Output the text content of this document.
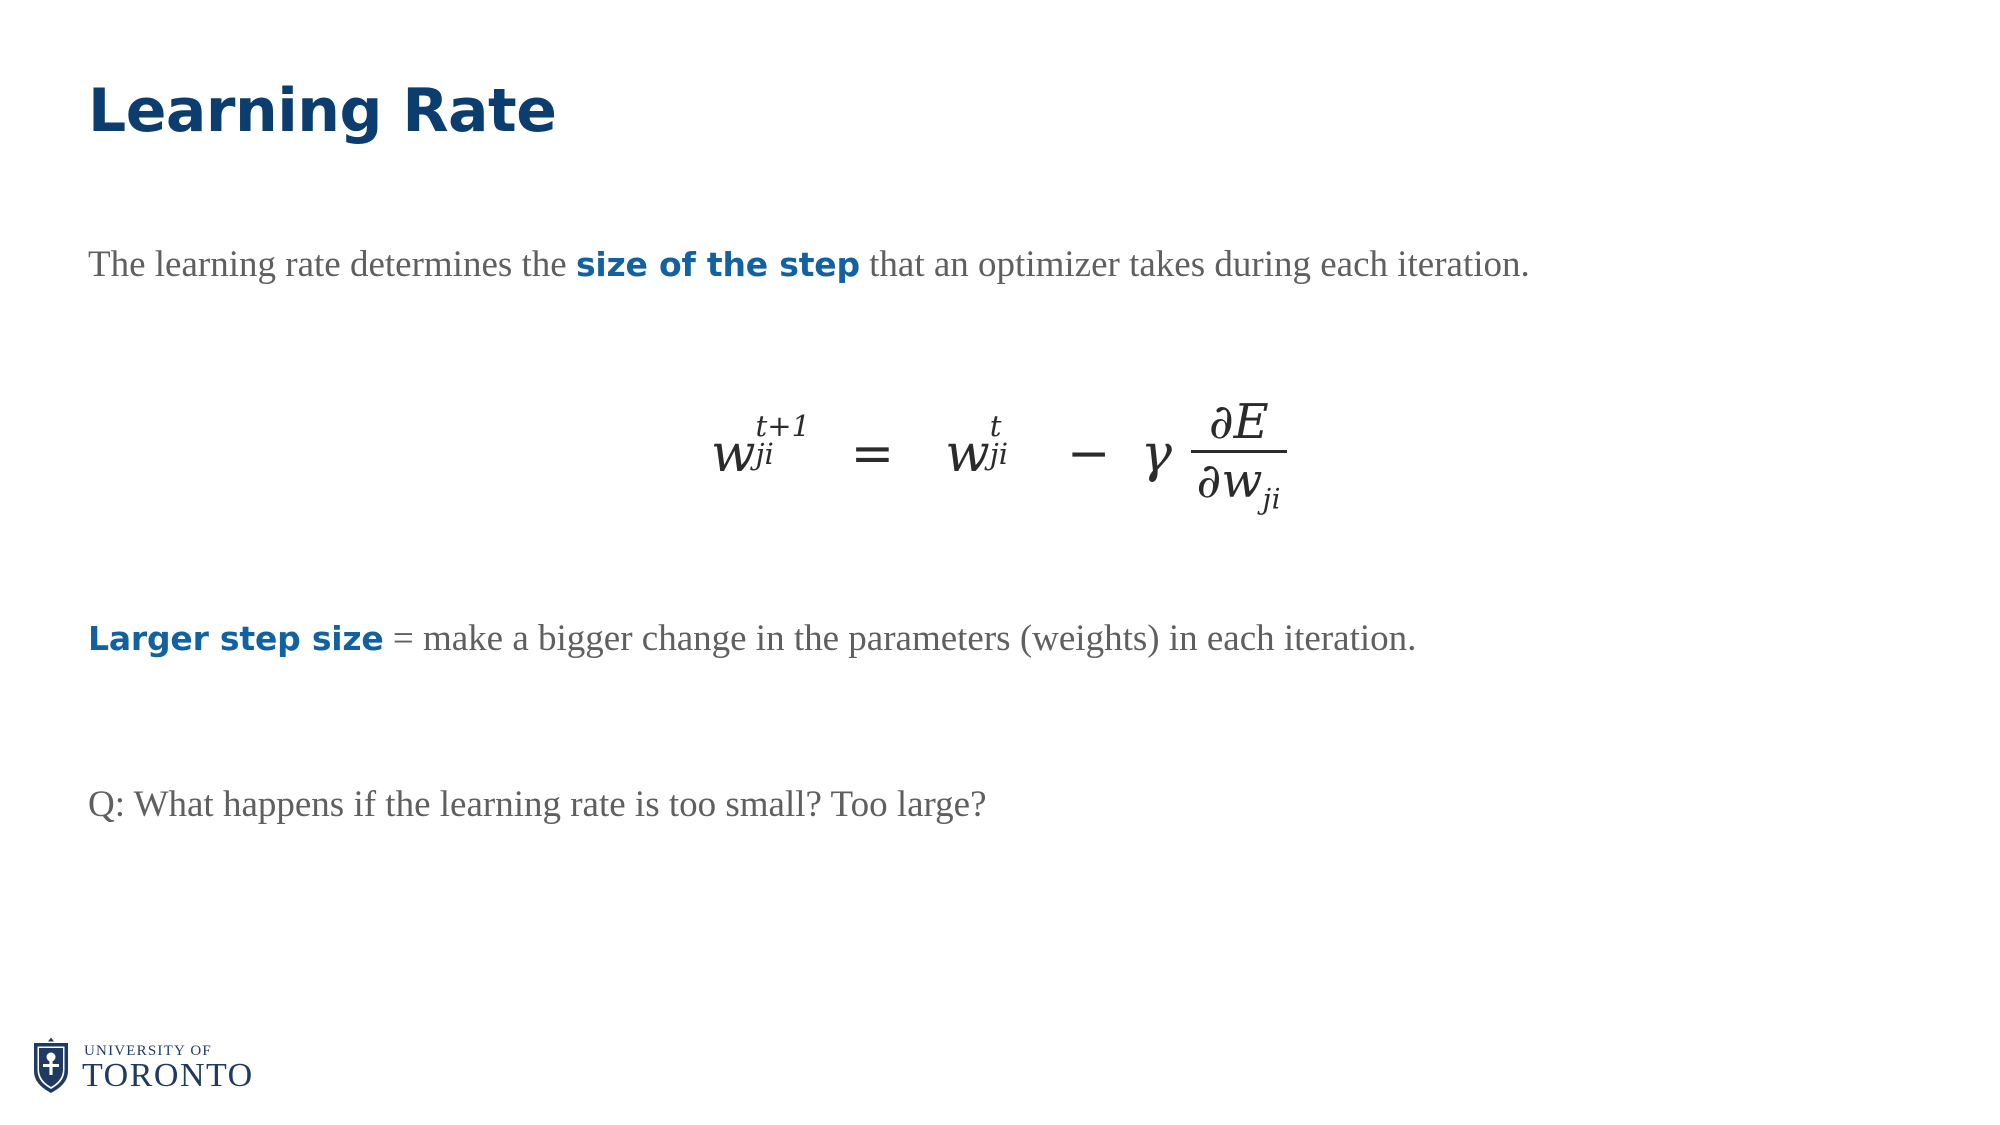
Learning Rate
The learning rate determines the size of the step that an optimizer takes during each iteration.
w t+1
ji = w t
ji − γ $\frac{\partial E}{\partial w_{ji}}$
Larger step size = make a bigger change in the parameters (weights) in each iteration.
Q: What happens if the learning rate is too small? Too large?
UNIVERSITY OF
TORONTO
